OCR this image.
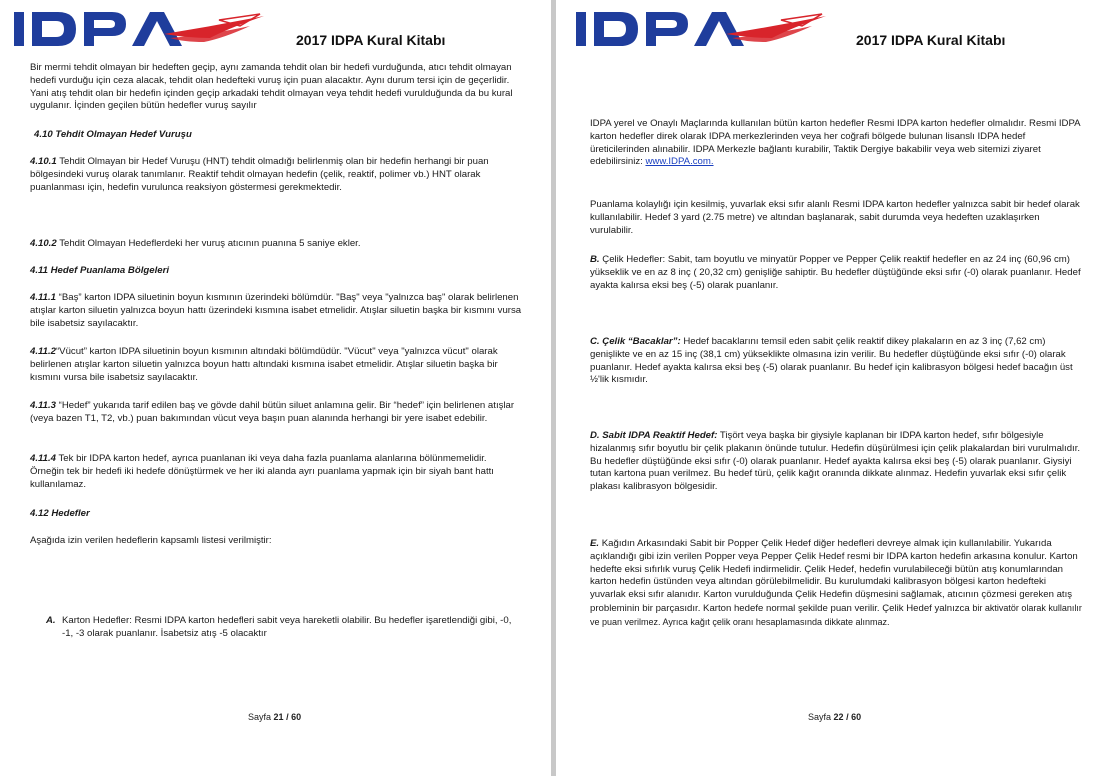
2017 IDPA Kural Kitabı

Bir mermi tehdit olmayan bir hedeften geçip, aynı zamanda tehdit olan bir hedefi vurduğunda, atıcı tehdit olmayan hedefi vurduğu için ceza alacak, tehdit olan hedefteki vuruş için puan alacaktır. Aynı durum tersi için de geçerlidir. Yani atış tehdit olan bir hedefin içinden geçip arkadaki tehdit olmayan veya tehdit hedefi vurulduğunda da bu kural uygulanır. İçinden geçilen bütün hedefler vuruş sayılır

4.10 Tehdit Olmayan Hedef Vuruşu

4.10.1 Tehdit Olmayan bir Hedef Vuruşu (HNT) tehdit olmadığı belirlenmiş olan bir hedefin herhangi bir puan bölgesindeki vuruş olarak tanımlanır. Reaktif tehdit olmayan hedefin (çelik, reaktif, polimer vb.) HNT olarak puanlanması için, hedefin vurulunca reaksiyon göstermesi gerekmektedir.

4.10.2 Tehdit Olmayan Hedeflerdeki her vuruş atıcının puanına 5 saniye ekler.

4.11 Hedef Puanlama Bölgeleri

4.11.1 “Baş” karton IDPA siluetinin boyun kısmının üzerindeki bölümdür. "Baş" veya "yalnızca baş" olarak belirlenen atışlar karton siluetin yalnızca boyun hattı üzerindeki kısmına isabet etmelidir. Atışlar siluetin başka bir kısmını vursa bile isabetsiz sayılacaktır.

4.11.2“Vücut” karton IDPA siluetinin boyun kısmının altındaki bölümdüdür. "Vücut" veya "yalnızca vücut" olarak belirlenen atışlar karton siluetin yalnızca boyun hattı altındaki kısmına isabet etmelidir. Atışlar siluetin başka bir kısmını vursa bile isabetsiz sayılacaktır.

4.11.3 “Hedef” yukarıda tarif edilen baş ve gövde dahil bütün siluet anlamına gelir. Bir “hedef” için belirlenen atışlar (veya bazen T1, T2, vb.) puan bakımından vücut veya başın puan alanında herhangi bir yere isabet edebilir.

4.11.4 Tek bir IDPA karton hedef, ayrıca puanlanan iki veya daha fazla puanlama alanlarına bölünmemelidir. Örneğin tek bir hedefi iki hedefe dönüştürmek ve her iki alanda ayrı puanlama yapmak için bir siyah bant hattı kullanılamaz.

4.12 Hedefler

Aşağıda izin verilen hedeflerin kapsamlı listesi verilmiştir:

A. Karton Hedefler: Resmi IDPA karton hedefleri sabit veya hareketli olabilir. Bu hedefler işaretlendiği gibi, -0, -1, -3 olarak puanlanır. İsabetsiz atış -5 olacaktır

Sayfa 21 / 60
2017 IDPA Kural Kitabı

IDPA yerel ve Onaylı Maçlarında kullanılan bütün karton hedefler Resmi IDPA karton hedefler olmalıdır. Resmi IDPA karton hedefler direk olarak IDPA merkezlerinden veya her coğrafi bölgede bulunan lisanslı IDPA hedef üreticilerinden alınabilir. IDPA Merkezle bağlantı kurabilir, Taktik Dergiye bakabilir veya web sitemizi ziyaret edebilirsiniz: www.IDPA.com.

Puanlama kolaylığı için kesilmiş, yuvarlak eksi sıfır alanlı Resmi IDPA karton hedefler yalnızca sabit bir hedef olarak kullanılabilir. Hedef 3 yard (2.75 metre) ve altından başlanarak, sabit durumda veya hedeften uzaklaşırken vurulabilir.

B. Çelik Hedefler: Sabit, tam boyutlu ve minyatür Popper ve Pepper Çelik reaktif hedefler en az 24 inç (60,96 cm) yükseklik ve en az 8 inç ( 20,32 cm) genişliğe sahiptir. Bu hedefler düştüğünde eksi sıfır (-0) olarak puanlanır. Hedef ayakta kalırsa eksi beş (-5) olarak puanlanır.

C. Çelik “Bacaklar”: Hedef bacaklarını temsil eden sabit çelik reaktif dikey plakaların en az 3 inç (7,62 cm) genişlikte ve en az 15 inç (38,1 cm) yükseklikte olmasına izin verilir. Bu hedefler düştüğünde eksi sıfır (-0) olarak puanlanır. Hedef ayakta kalırsa eksi beş (-5) olarak puanlanır. Bu hedef için kalibrasyon bölgesi hedef bacağın üst ½'lik kısmıdır.

D. Sabit IDPA Reaktif Hedef: Tişört veya başka bir giysiyle kaplanan bir IDPA karton hedef, sıfır bölgesiyle hizalanmış sıfır boyutlu bir çelik plakanın önünde tutulur. Hedefin düşürülmesi için çelik plakalardan biri vurulmalıdır. Bu hedefler düştüğünde eksi sıfır (-0) olarak puanlanır. Hedef ayakta kalırsa eksi beş (-5) olarak puanlanır. Giysiyi tutan kartona puan verilmez. Bu hedef türü, çelik kağıt oranında dikkate alınmaz. Hedefin yuvarlak eksi sıfır çelik plakası kalibrasyon bölgesidir.

E. Kağıdın Arkasındaki Sabit bir Popper Çelik Hedef diğer hedefleri devreye almak için kullanılabilir. Yukarıda açıklandığı gibi izin verilen Popper veya Pepper Çelik Hedef resmi bir IDPA karton hedefin arkasına konulur. Karton hedefte eksi sıfırlık vuruş Çelik Hedefi indirmelidir. Çelik Hedef, hedefin vurulabileceği bütün atış konumlarından karton hedefin üstünden veya altından görülebilmelidir. Bu kurulumdaki kalibrasyon bölgesi karton hedefteki yuvarlak eksi sıfır alanıdır. Karton vurulduğunda Çelik Hedefin düşmesini sağlamak, atıcının çözmesi gereken atış probleminin bir parçasıdır. Karton hedefe normal şekilde puan verilir. Çelik Hedef yalnızca bir aktivatör olarak kullanılır ve puan verilmez. Ayrıca kağıt çelik oranı hesaplamasında dikkate alınmaz.

Sayfa 22 / 60
